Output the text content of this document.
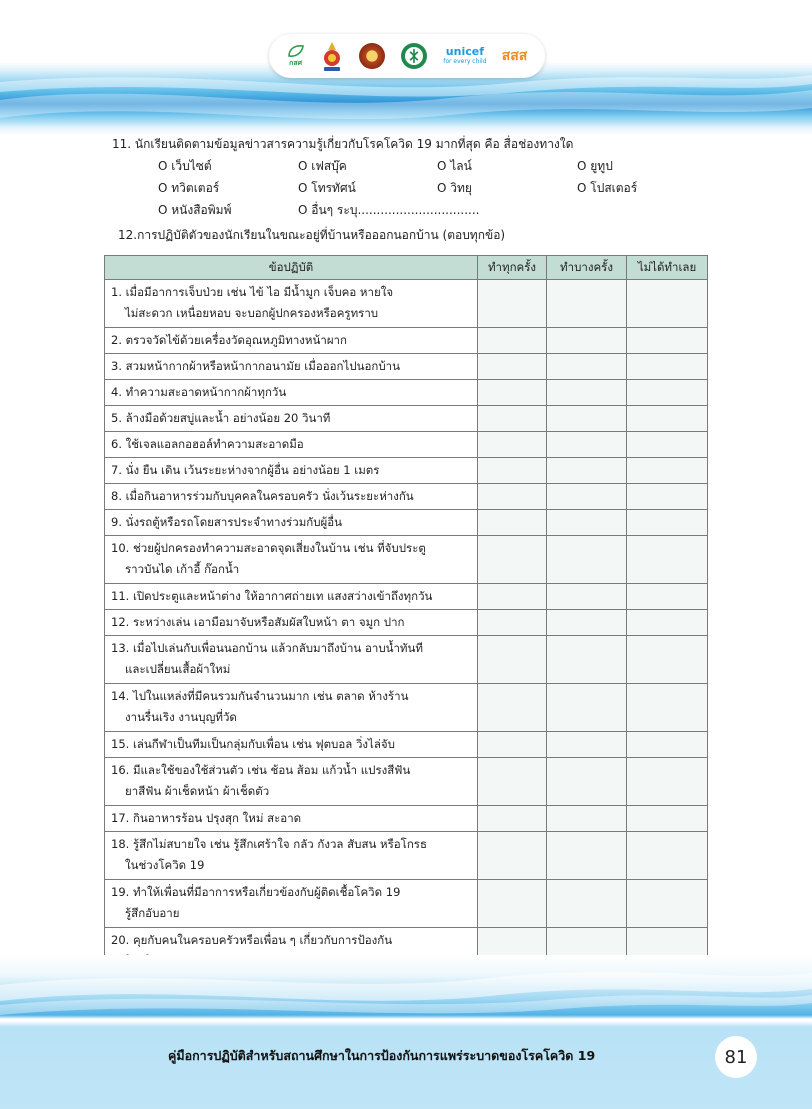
กสศ
unicef
for every child สสส
11. นักเรียนติดตามข้อมูลข่าวสารความรู้เกี่ยวกับโรคโควิด 19 มากที่สุด คือ สื่อช่องทางใด
O เว็บไซต์	O เฟสบุ๊ค	O ไลน์	O ยูทูป
O ทวิตเตอร์	O โทรทัศน์	O วิทยุ	O โปสเตอร์
O หนังสือพิมพ์	O อื่นๆ ระบุ................................
12.การปฏิบัติตัวของนักเรียนในขณะอยู่ที่บ้านหรือออกนอกบ้าน (ตอบทุกข้อ)
ข้อปฏิบัติ	ทำทุกครั้ง	ทำบางครั้ง	ไม่ได้ทำเลย
1. เมื่อมีอาการเจ็บป่วย เช่น ไข้ ไอ มีน้ำมูก เจ็บคอ หายใจ
ไม่สะดวก เหนื่อยหอบ จะบอกผู้ปกครองหรือครูทราบ			

2. ตรวจวัดไข้ด้วยเครื่องวัดอุณหภูมิทางหน้าผาก			
3. สวมหน้ากากผ้าหรือหน้ากากอนามัย เมื่อออกไปนอกบ้าน			
4. ทำความสะอาดหน้ากากผ้าทุกวัน			
5. ล้างมือด้วยสบู่และน้ำ อย่างน้อย 20 วินาที			
6. ใช้เจลแอลกอฮอล์ทำความสะอาดมือ			
7. นั่ง ยืน เดิน เว้นระยะห่างจากผู้อื่น อย่างน้อย 1 เมตร			
8. เมื่อกินอาหารร่วมกับบุคคลในครอบครัว นั่งเว้นระยะห่างกัน			
9. นั่งรถตู้หรือรถโดยสารประจำทางร่วมกับผู้อื่น			
10. ช่วยผู้ปกครองทำความสะอาดจุดเสี่ยงในบ้าน เช่น ที่จับประตู
ราวบันได เก้าอี้ ก๊อกน้ำ			

11. เปิดประตูและหน้าต่าง ให้อากาศถ่ายเท แสงสว่างเข้าถึงทุกวัน			
12. ระหว่างเล่น เอามือมาจับหรือสัมผัสใบหน้า ตา จมูก ปาก			
13. เมื่อไปเล่นกับเพื่อนนอกบ้าน แล้วกลับมาถึงบ้าน อาบน้ำทันที
และเปลี่ยนเสื้อผ้าใหม่			

14. ไปในแหล่งที่มีคนรวมกันจำนวนมาก เช่น ตลาด ห้างร้าน
งานรื่นเริง งานบุญที่วัด			

15. เล่นกีฬาเป็นทีมเป็นกลุ่มกับเพื่อน เช่น ฟุตบอล วิ่งไล่จับ			
16. มีและใช้ของใช้ส่วนตัว เช่น ช้อน ส้อม แก้วน้ำ แปรงสีฟัน
ยาสีฟัน ผ้าเช็ดหน้า ผ้าเช็ดตัว			

17. กินอาหารร้อน ปรุงสุก ใหม่ สะอาด			
18. รู้สึกไม่สบายใจ เช่น รู้สึกเศร้าใจ กลัว กังวล สับสน หรือโกรธ
ในช่วงโควิด 19			

19. ทำให้เพื่อนที่มีอาการหรือเกี่ยวข้องกับผู้ติดเชื้อโควิด 19
รู้สึกอับอาย			

20. คุยกับคนในครอบครัวหรือเพื่อน ๆ เกี่ยวกับการป้องกัน

คู่มือการปฏิบัติสำหรับสถานศึกษาในการป้องกันการแพร่ระบาดของโรคโควิด 19	81
